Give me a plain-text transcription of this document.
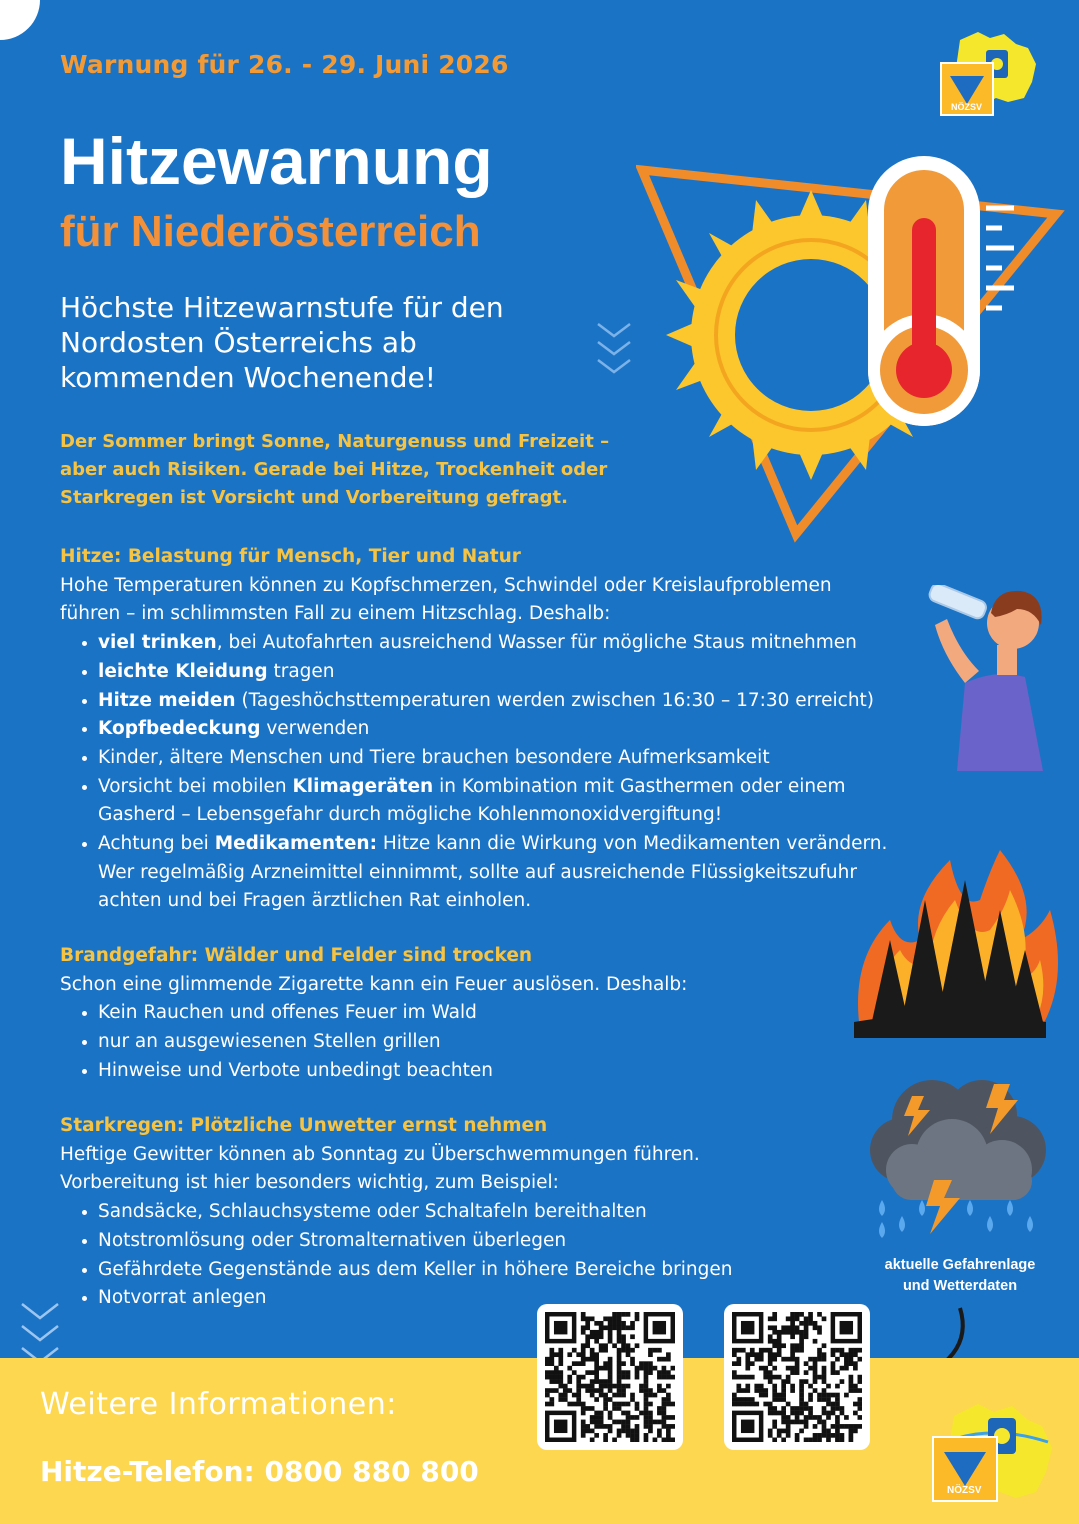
NÖZSV
Warnung für 26. - 29. Juni 2026
Hitzewarnung
für Niederösterreich
Höchste Hitzewarnstufe für den
Nordosten Österreichs ab
kommenden Wochenende!
Der Sommer bringt Sonne, Naturgenuss und Freizeit –
aber auch Risiken. Gerade bei Hitze, Trockenheit oder
Starkregen ist Vorsicht und Vorbereitung gefragt.
Hitze: Belastung für Mensch, Tier und Natur

Hohe Temperaturen können zu Kopfschmerzen, Schwindel oder Kreislaufproblemen

führen – im schlimmsten Fall zu einem Hitzschlag. Deshalb:

• viel trinken, bei Autofahrten ausreichend Wasser für mögliche Staus mitnehmen
• leichte Kleidung tragen
• Hitze meiden (Tageshöchsttemperaturen werden zwischen 16:30 – 17:30 erreicht)
• Kopfbedeckung verwenden
• Kinder, ältere Menschen und Tiere brauchen besondere Aufmerksamkeit
• Vorsicht bei mobilen Klimageräten in Kombination mit Gasthermen oder einem
Gasherd – Lebensgefahr durch mögliche Kohlenmonoxidvergiftung!
• Achtung bei Medikamenten: Hitze kann die Wirkung von Medikamenten verändern.
Wer regelmäßig Arzneimittel einnimmt, sollte auf ausreichende Flüssigkeitszufuhr
achten und bei Fragen ärztlichen Rat einholen.
Brandgefahr: Wälder und Felder sind trocken

Schon eine glimmende Zigarette kann ein Feuer auslösen. Deshalb:

• Kein Rauchen und offenes Feuer im Wald
• nur an ausgewiesenen Stellen grillen
• Hinweise und Verbote unbedingt beachten
Starkregen: Plötzliche Unwetter ernst nehmen

Heftige Gewitter können ab Sonntag zu Überschwemmungen führen.

Vorbereitung ist hier besonders wichtig, zum Beispiel:

• Sandsäcke, Schlauchsysteme oder Schaltafeln bereithalten
• Notstromlösung oder Stromalternativen überlegen
• Gefährdete Gegenstände aus dem Keller in höhere Bereiche bringen
• Notvorrat anlegen
aktuelle Gefahrenlage
und Wetterdaten
Weitere Informationen:
Hitze-Telefon: 0800 880 800
NÖZSV
